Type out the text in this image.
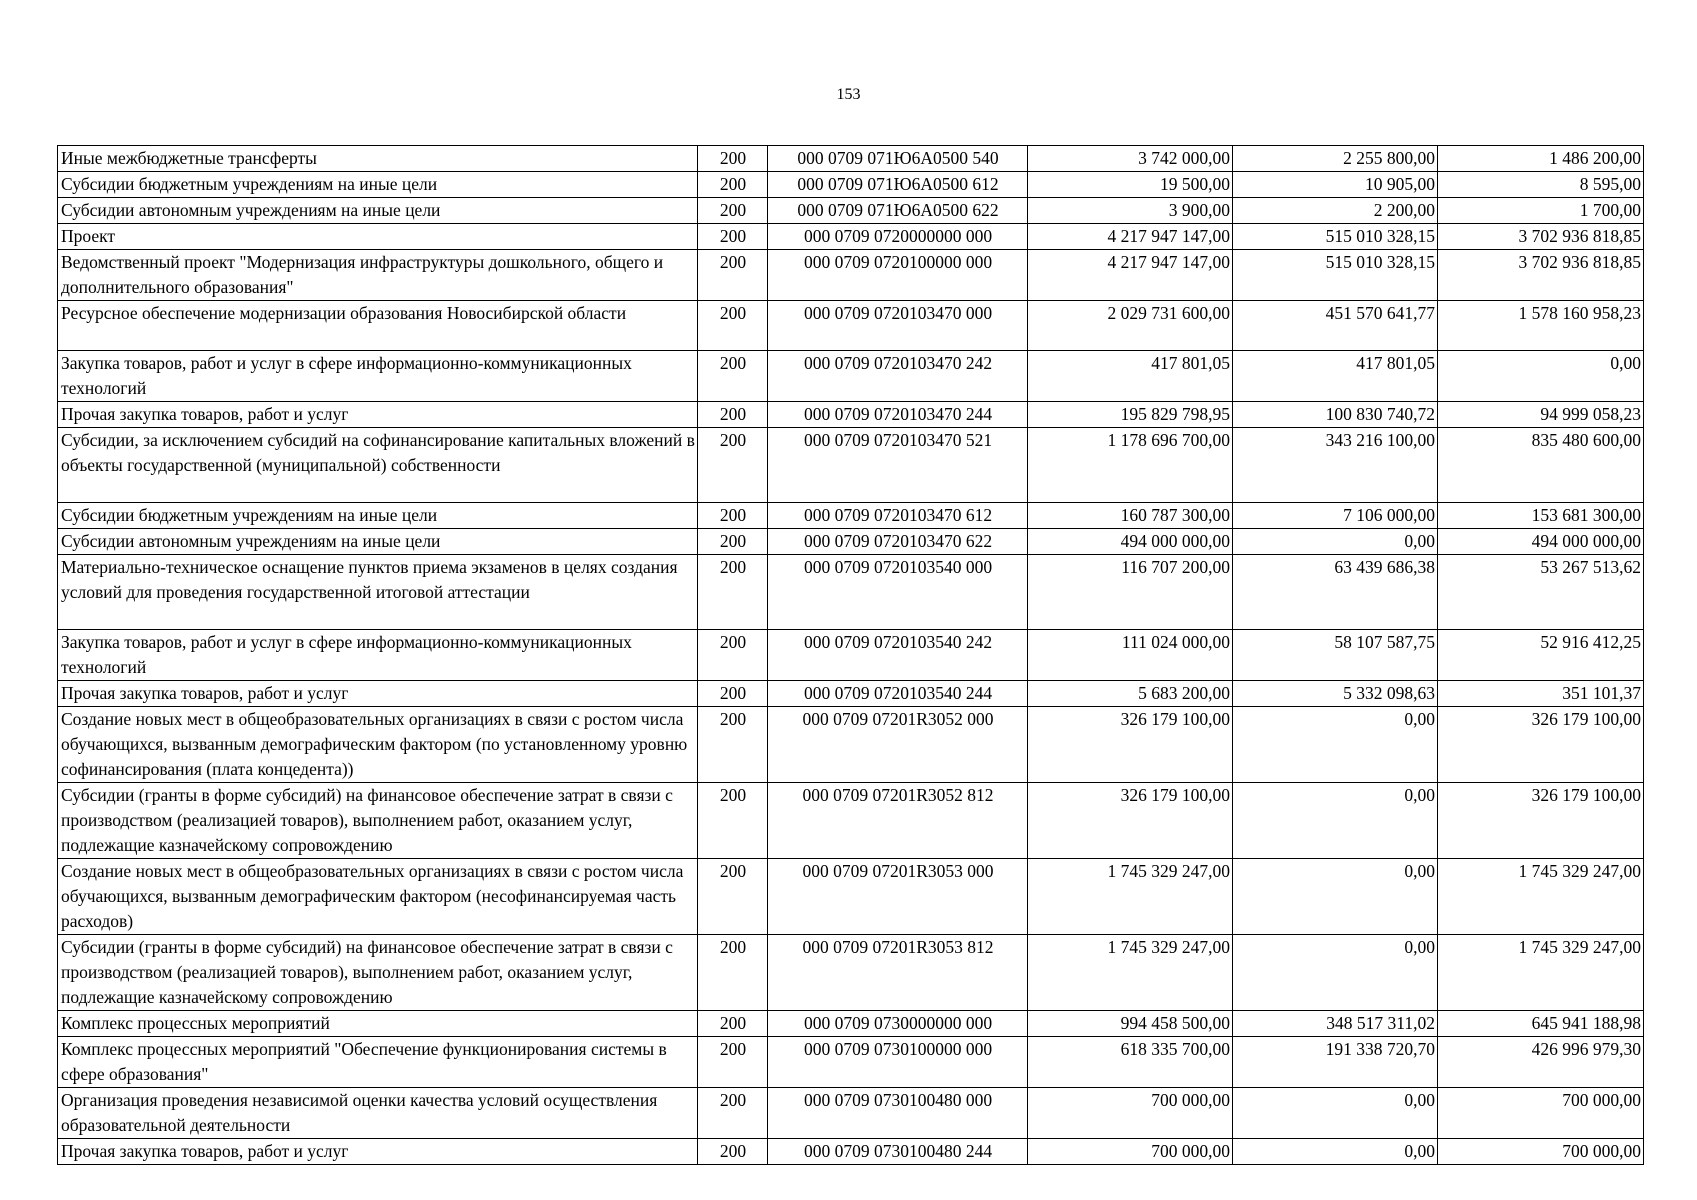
153
Иные межбюджетные трансферты	200	000 0709 071Ю6А0500 540	3 742 000,00	2 255 800,00	1 486 200,00
Субсидии бюджетным учреждениям на иные цели	200	000 0709 071Ю6А0500 612	19 500,00	10 905,00	8 595,00
Субсидии автономным учреждениям на иные цели	200	000 0709 071Ю6А0500 622	3 900,00	2 200,00	1 700,00
Проект	200	000 0709 0720000000 000	4 217 947 147,00	515 010 328,15	3 702 936 818,85
Ведомственный проект "Модернизация инфраструктуры дошкольного, общего и дополнительного образования"	200	000 0709 0720100000 000	4 217 947 147,00	515 010 328,15	3 702 936 818,85
Ресурсное обеспечение модернизации образования Новосибирской области	200	000 0709 0720103470 000	2 029 731 600,00	451 570 641,77	1 578 160 958,23
Закупка товаров, работ и услуг в сфере информационно-коммуникационных технологий	200	000 0709 0720103470 242	417 801,05	417 801,05	0,00
Прочая закупка товаров, работ и услуг	200	000 0709 0720103470 244	195 829 798,95	100 830 740,72	94 999 058,23
Субсидии, за исключением субсидий на софинансирование капитальных вложений в объекты государственной (муниципальной) собственности	200	000 0709 0720103470 521	1 178 696 700,00	343 216 100,00	835 480 600,00
Субсидии бюджетным учреждениям на иные цели	200	000 0709 0720103470 612	160 787 300,00	7 106 000,00	153 681 300,00
Субсидии автономным учреждениям на иные цели	200	000 0709 0720103470 622	494 000 000,00	0,00	494 000 000,00
Материально-техническое оснащение пунктов приема экзаменов в целях создания условий для проведения государственной итоговой аттестации	200	000 0709 0720103540 000	116 707 200,00	63 439 686,38	53 267 513,62
Закупка товаров, работ и услуг в сфере информационно-коммуникационных технологий	200	000 0709 0720103540 242	111 024 000,00	58 107 587,75	52 916 412,25
Прочая закупка товаров, работ и услуг	200	000 0709 0720103540 244	5 683 200,00	5 332 098,63	351 101,37
Создание новых мест в общеобразовательных организациях в связи с ростом числа обучающихся, вызванным демографическим фактором (по установленному уровню софинансирования (плата концедента))	200	000 0709 07201R3052 000	326 179 100,00	0,00	326 179 100,00
Субсидии (гранты в форме субсидий) на финансовое обеспечение затрат в связи с производством (реализацией товаров), выполнением работ, оказанием услуг, подлежащие казначейскому сопровождению	200	000 0709 07201R3052 812	326 179 100,00	0,00	326 179 100,00
Создание новых мест в общеобразовательных организациях в связи с ростом числа обучающихся, вызванным демографическим фактором (несофинансируемая часть расходов)	200	000 0709 07201R3053 000	1 745 329 247,00	0,00	1 745 329 247,00
Субсидии (гранты в форме субсидий) на финансовое обеспечение затрат в связи с производством (реализацией товаров), выполнением работ, оказанием услуг, подлежащие казначейскому сопровождению	200	000 0709 07201R3053 812	1 745 329 247,00	0,00	1 745 329 247,00
Комплекс процессных мероприятий	200	000 0709 0730000000 000	994 458 500,00	348 517 311,02	645 941 188,98
Комплекс процессных мероприятий "Обеспечение функционирования системы в сфере образования"	200	000 0709 0730100000 000	618 335 700,00	191 338 720,70	426 996 979,30
Организация проведения независимой оценки качества условий осуществления образовательной деятельности	200	000 0709 0730100480 000	700 000,00	0,00	700 000,00
Прочая закупка товаров, работ и услуг	200	000 0709 0730100480 244	700 000,00	0,00	700 000,00
